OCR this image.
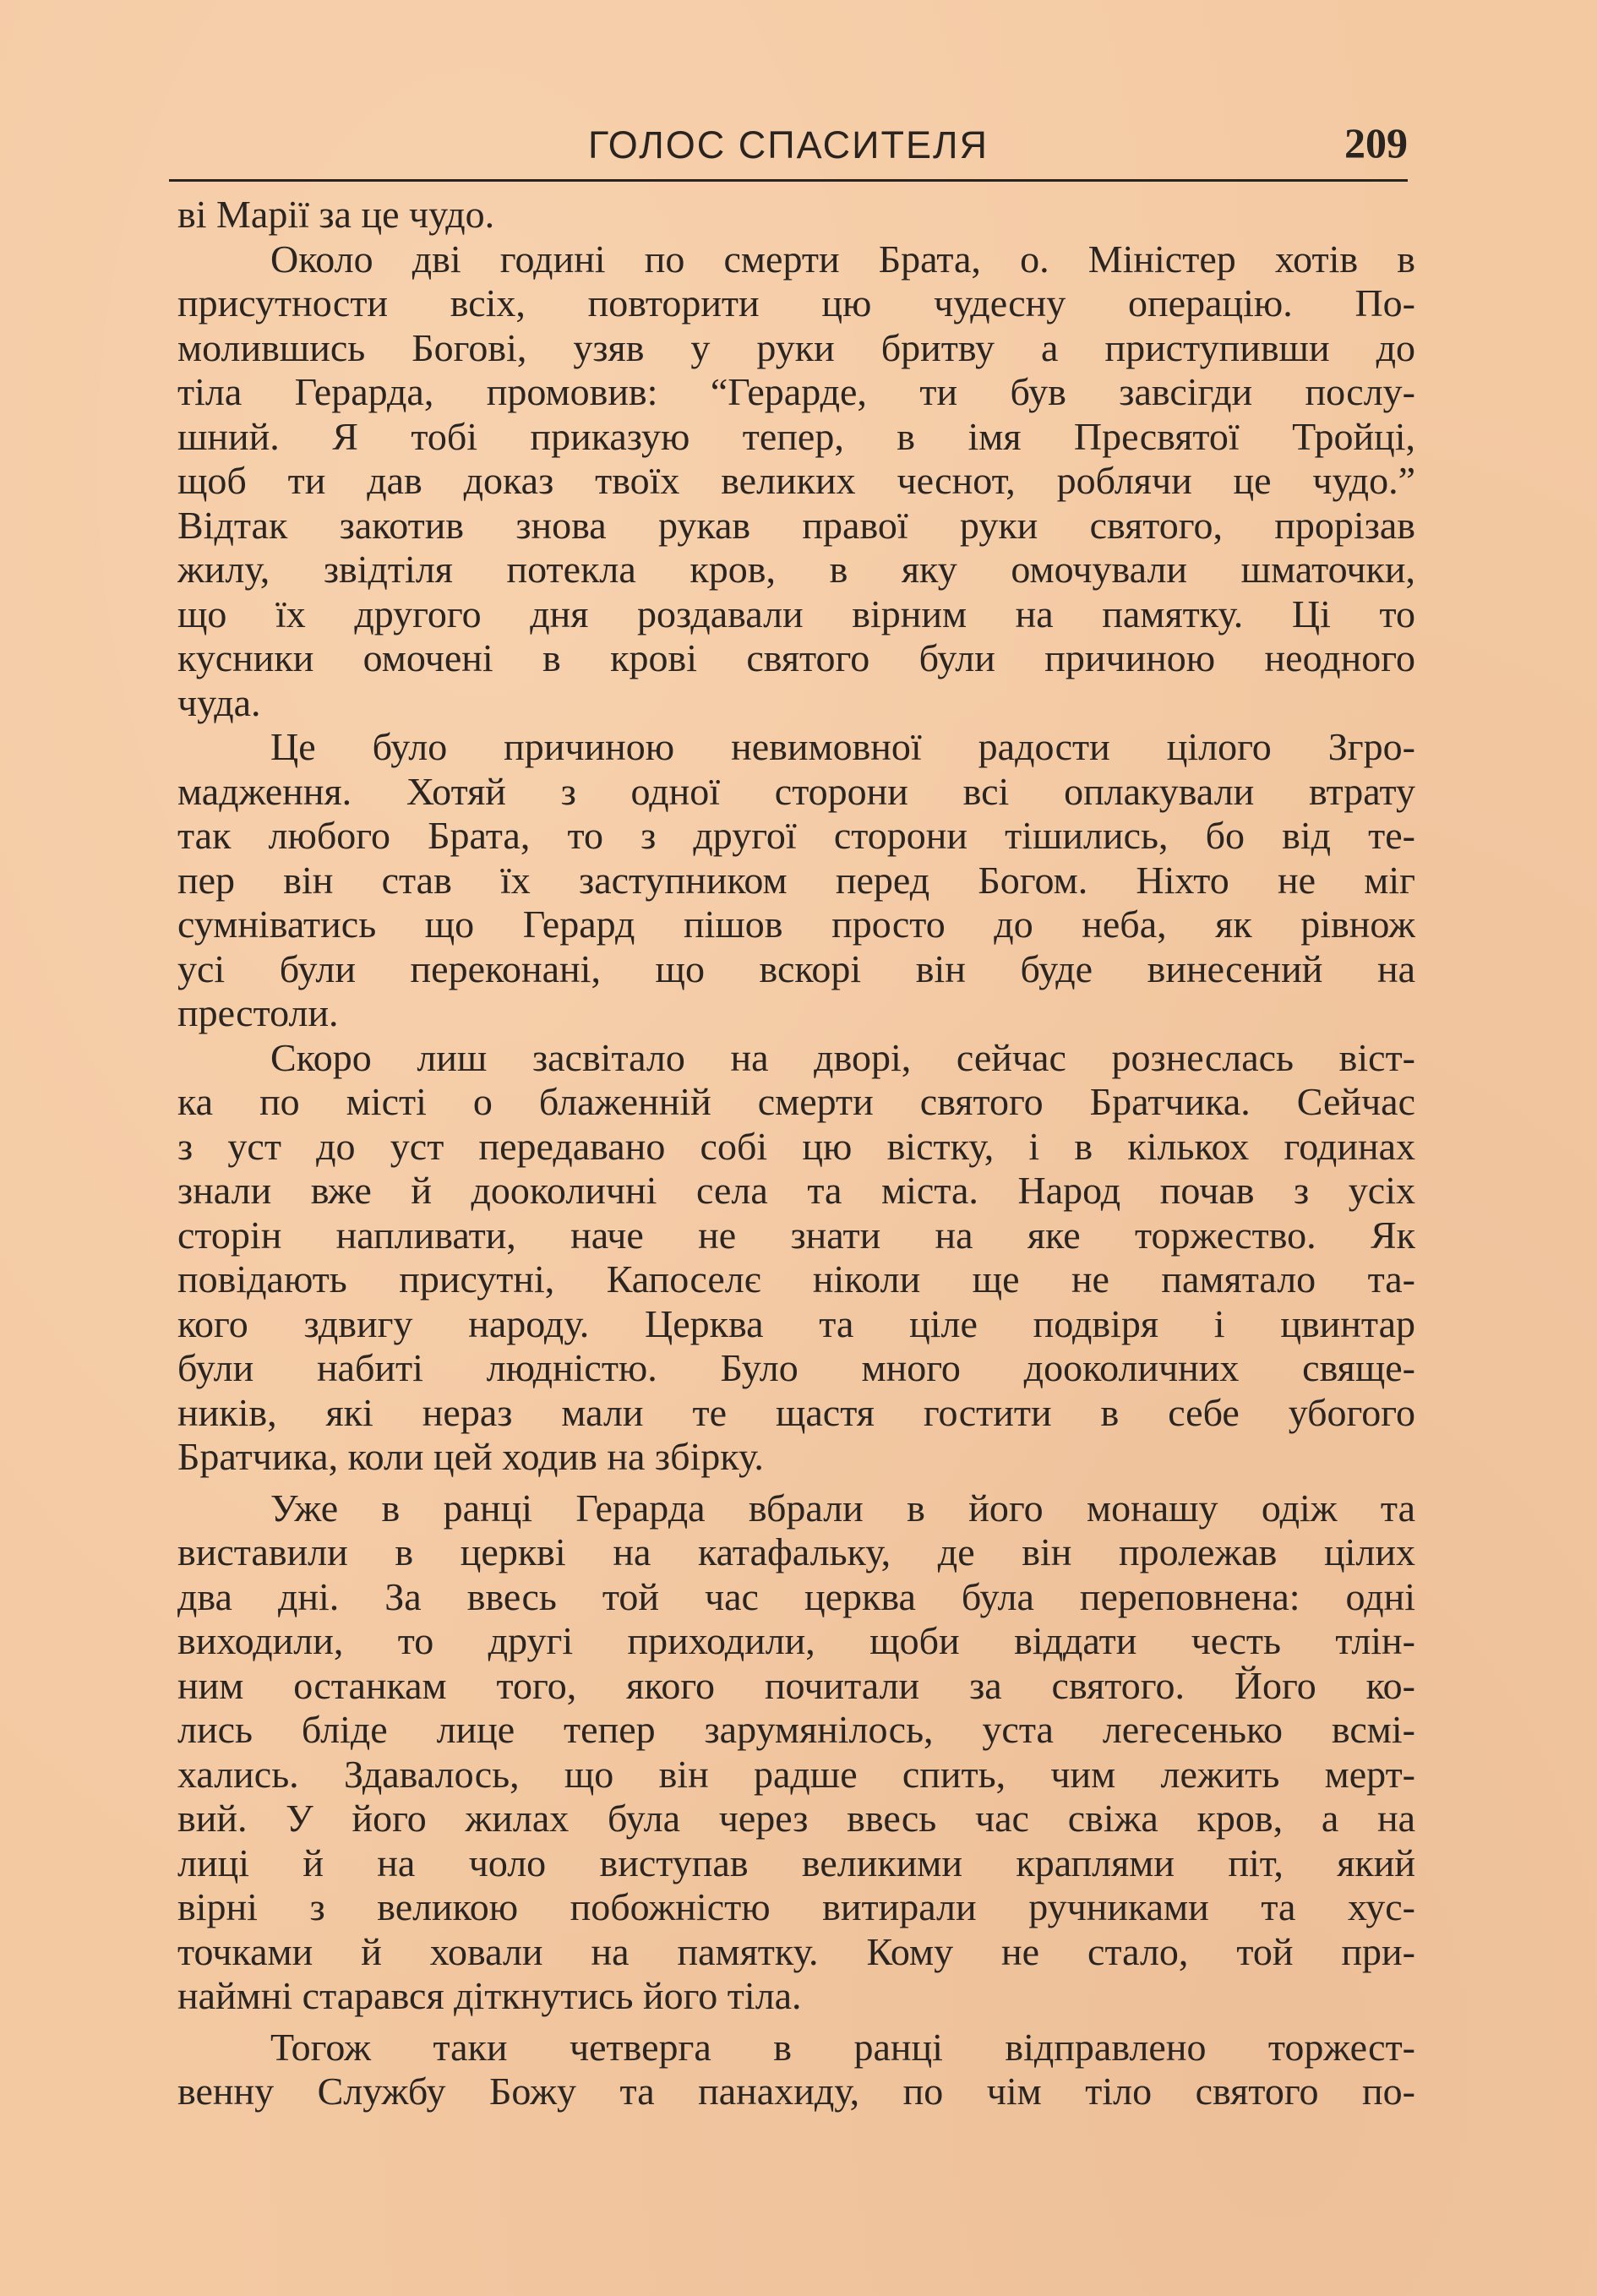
ГОЛОС СПАСИТЕЛЯ	209
ві Марії за це чудо.
Около дві годині по смерти Брата, о. Міністер хотів в
присутности всіх, повторити цю чудесну операцію. По-
молившись Богові, узяв у руки бритву а приступивши до
тіла Герарда, промовив: “Герарде, ти був завсігди послу-
шний. Я тобі приказую тепер, в імя Пресвятої Тройці,
щоб ти дав доказ твоїх великих чеснот, роблячи це чудо.”
Відтак закотив знова рукав правої руки святого, прорізав
жилу, звідтіля потекла кров, в яку омочували шматочки,
що їх другого дня роздавали вірним на памятку. Ці то
кусники омочені в крові святого були причиною неодного
чуда.
Це було причиною невимовної радости цілого Згро-
мадження. Хотяй з одної сторони всі оплакували втрату
так любого Брата, то з другої сторони тішились, бо від те-
пер він став їх заступником перед Богом. Ніхто не міг
сумніватись що Герард пішов просто до неба, як рівнож
усі були переконані, що вскорі він буде винесений на
престоли.
Скоро лиш засвітало на дворі, сейчас рознеслась віст-
ка по місті о блаженній смерти святого Братчика. Сейчас
з уст до уст передавано собі цю вістку, і в кількох годинах
знали вже й дооколичні села та міста. Народ почав з усіх
сторін напливати, наче не знати на яке торжество. Як
повідають присутні, Капоселє ніколи ще не памятало та-
кого здвигу народу. Церква та ціле подвіря і цвинтар
були набиті людністю. Було много дооколичних свяще-
ників, які нераз мали те щастя гостити в себе убогого
Братчика, коли цей ходив на збірку.
Уже в ранці Герарда вбрали в його монашу одіж та
виставили в церкві на катафальку, де він пролежав цілих
два дні. За ввесь той час церква була переповнена: одні
виходили, то другі приходили, щоби віддати честь тлін-
ним останкам того, якого почитали за святого. Його ко-
лись бліде лице тепер зарумянілось, уста легесенько всмі-
хались. Здавалось, що він радше спить, чим лежить мерт-
вий. У його жилах була через ввесь час свіжа кров, а на
лиці й на чоло виступав великими краплями піт, який
вірні з великою побожністю витирали ручниками та хус-
точками й ховали на памятку. Кому не стало, той при-
наймні старався діткнутись його тіла.
Тогож таки четверга в ранці відправлено торжест-
венну Службу Божу та панахиду, по чім тіло святого по-
